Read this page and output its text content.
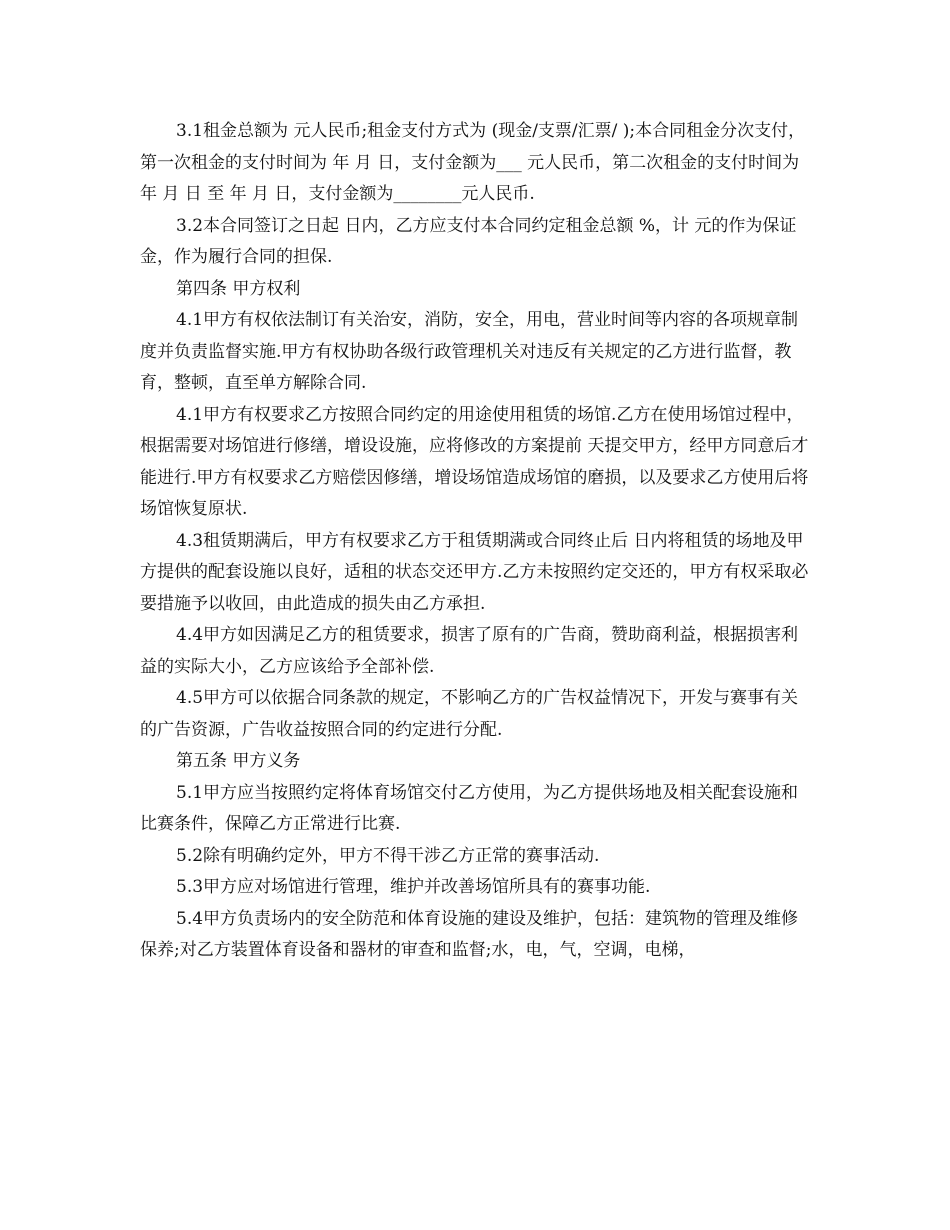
3.1租金总额为 元人民币;租金支付方式为 (现金/支票/汇票/ );本合同租金分次支付，第一次租金的支付时间为 年 月 日，支付金额为___ 元人民币，第二次租金的支付时间为 年 月 日 至 年 月 日，支付金额为________元人民币.

3.2本合同签订之日起 日内，乙方应支付本合同约定租金总额 %，计 元的作为保证金，作为履行合同的担保.

第四条 甲方权利

4.1甲方有权依法制订有关治安，消防，安全，用电，营业时间等内容的各项规章制度并负责监督实施.甲方有权协助各级行政管理机关对违反有关规定的乙方进行监督，教育，整顿，直至单方解除合同.

4.1甲方有权要求乙方按照合同约定的用途使用租赁的场馆.乙方在使用场馆过程中，根据需要对场馆进行修缮，增设设施，应将修改的方案提前 天提交甲方，经甲方同意后才能进行.甲方有权要求乙方赔偿因修缮，增设场馆造成场馆的磨损，以及要求乙方使用后将场馆恢复原状.

4.3租赁期满后，甲方有权要求乙方于租赁期满或合同终止后 日内将租赁的场地及甲方提供的配套设施以良好，适租的状态交还甲方.乙方未按照约定交还的，甲方有权采取必要措施予以收回，由此造成的损失由乙方承担.

4.4甲方如因满足乙方的租赁要求，损害了原有的广告商，赞助商利益，根据损害利益的实际大小，乙方应该给予全部补偿.

4.5甲方可以依据合同条款的规定，不影响乙方的广告权益情况下，开发与赛事有关的广告资源，广告收益按照合同的约定进行分配.

第五条 甲方义务

5.1甲方应当按照约定将体育场馆交付乙方使用，为乙方提供场地及相关配套设施和比赛条件，保障乙方正常进行比赛.

5.2除有明确约定外，甲方不得干涉乙方正常的赛事活动.

5.3甲方应对场馆进行管理，维护并改善场馆所具有的赛事功能.

5.4甲方负责场内的安全防范和体育设施的建设及维护，包括：建筑物的管理及维修保养;对乙方装置体育设备和器材的审查和监督;水，电，气，空调，电梯，
